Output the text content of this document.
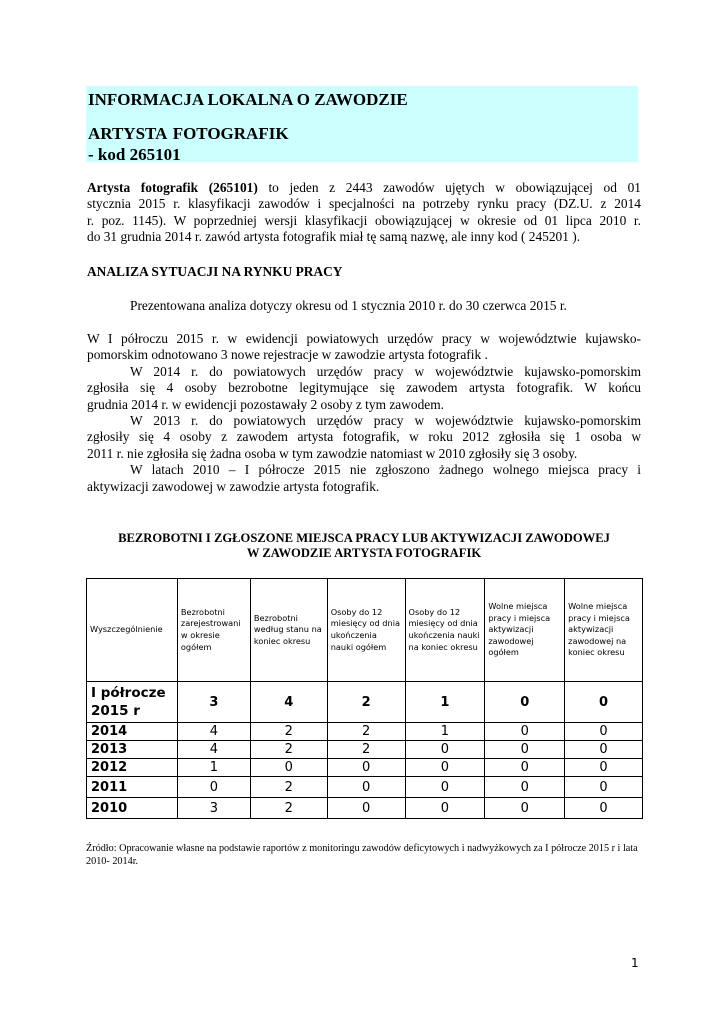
INFORMACJA LOKALNA O ZAWODZIE
ARTYSTA FOTOGRAFIK
- kod 265101
Artysta fotografik (265101) to jeden z 2443 zawodów ujętych w obowiązującej od 01
stycznia 2015 r. klasyfikacji zawodów i specjalności na potrzeby rynku pracy (DZ.U. z 2014
r. poz. 1145). W poprzedniej wersji klasyfikacji obowiązującej w okresie od 01 lipca 2010 r.
do 31 grudnia 2014 r. zawód artysta fotografik miał tę samą nazwę, ale inny kod ( 245201 ).
ANALIZA SYTUACJI NA RYNKU PRACY
Prezentowana analiza dotyczy okresu od 1 stycznia 2010 r. do 30 czerwca 2015 r.
W I półroczu 2015 r. w ewidencji powiatowych urzędów pracy w województwie kujawsko-
pomorskim odnotowano 3 nowe rejestracje w zawodzie artysta fotografik .
W 2014 r. do powiatowych urzędów pracy w województwie kujawsko-pomorskim
zgłosiła się 4 osoby bezrobotne legitymujące się zawodem artysta fotografik. W końcu
grudnia 2014 r. w ewidencji pozostawały 2 osoby z tym zawodem.
W 2013 r. do powiatowych urzędów pracy w województwie kujawsko-pomorskim
zgłosiły się 4 osoby z zawodem artysta fotografik, w roku 2012 zgłosiła się 1 osoba w
2011 r. nie zgłosiła się żadna osoba w tym zawodzie natomiast w 2010 zgłosiły się 3 osoby.
W latach 2010 – I półrocze 2015 nie zgłoszono żadnego wolnego miejsca pracy i
aktywizacji zawodowej w zawodzie artysta fotografik.
BEZROBOTNI I ZGŁOSZONE MIEJSCA PRACY LUB AKTYWIZACJI ZAWODOWEJ
W ZAWODZIE ARTYSTA FOTOGRAFIK
Wyszczególnienie	Bezrobotni zarejestrowani w okresie ogółem	Bezrobotni według stanu na koniec okresu	Osoby do 12 miesięcy od dnia ukończenia nauki ogółem	Osoby do 12 miesięcy od dnia ukończenia nauki na koniec okresu	Wolne miejsca pracy i miejsca aktywizacji zawodowej ogółem	Wolne miejsca pracy i miejsca aktywizacji zawodowej na koniec okresu
I półrocze 2015 r	3	4	2	1	0	0
2014	4	2	2	1	0	0
2013	4	2	2	0	0	0
2012	1	0	0	0	0	0
2011	0	2	0	0	0	0
2010	3	2	0	0	0	0
Źródło: Opracowanie własne na podstawie raportów z monitoringu zawodów deficytowych i nadwyżkowych za I półrocze 2015 r i lata 2010- 2014r.
1
